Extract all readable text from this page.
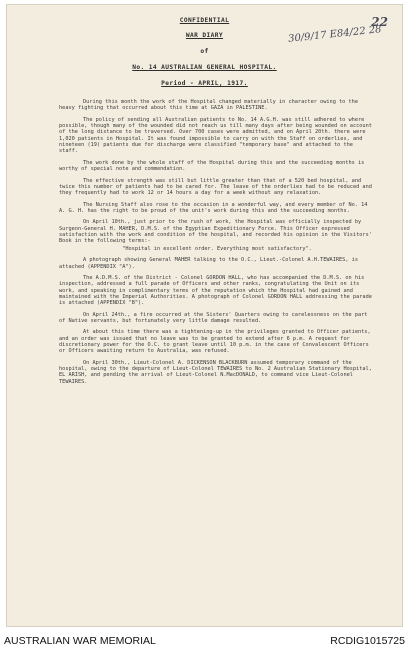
22
30/9/17 E84/22 28
CONFIDENTIAL
WAR DIARY
of
No. 14 AUSTRALIAN GENERAL HOSPITAL.
Period - APRIL, 1917.

During this month the work of the Hospital changed materially in character owing to the heavy fighting that occurred about this time at GAZA in PALESTINE.

The policy of sending all Australian patients to No. 14 A.G.H. was still adhered to where possible, though many of the wounded did not reach us till many days after being wounded on account of the long distance to be traversed. Over 700 cases were admitted, and on April 20th. there were 1,020 patients in Hospital. It was found impossible to carry on with the Staff on orderlies, and nineteen (19) patients due for discharge were classified "temporary base" and attached to the staff.

The work done by the whole staff of the Hospital during this and the succeeding months is worthy of special note and commendation.

The effective strength was still but little greater than that of a 520 bed hospital, and twice this number of patients had to be cared for. The leave of the orderlies had to be reduced and they frequently had to work 12 or 14 hours a day for a week without any relaxation.

The Nursing Staff also rose to the occasion in a wonderful way, and every member of No. 14 A. G. H. has the right to be proud of the unit's work during this and the succeeding months.

On April 10th., just prior to the rush of work, the Hospital was officially inspected by Surgeon-General H. MAHER, D.M.S. of the Egyptian Expeditionary Force. This Officer expressed satisfaction with the work and condition of the hospital, and recorded his opinion in the Visitors' Book in the following terms:-

"Hospital in excellent order. Everything most satisfactory".

A photograph showing General MAHER talking to the O.C., Lieut.-Colonel A.H.TEWAIRES, is attached (APPENDIX "A").

The A.D.M.S. of the District - Colonel GORDON HALL, who has accompanied the D.M.S. on his inspection, addressed a full parade of Officers and other ranks, congratulating the Unit on its work, and speaking in complimentary terms of the reputation which the Hospital had gained and maintained with the Imperial Authorities. A photograph of Colonel GORDON HALL addressing the parade is attached (APPENDIX "B").

On April 24th., a fire occurred at the Sisters' Quarters owing to carelessness on the part of Native servants, but fortunately very little damage resulted.

At about this time there was a tightening-up in the privileges granted to Officer patients, and an order was issued that no leave was to be granted to extend after 6 p.m. A request for discretionary power for the O.C. to grant leave until 10 p.m. in the case of Convalescent Officers or Officers awaiting return to Australia, was refused.

On April 30th., Lieut-Colonel A. DICKENSON BLACKBURN assumed temporary command of the hospital, owing to the departure of Lieut-Colonel TEWAIRES to No. 2 Australian Stationary Hospital, EL ARISH, and pending the arrival of Lieut-Colonel N.MacDONALD, to command vice Lieut-Colonel TEWAIRES.

AUSTRALIAN WAR MEMORIAL	RCDIG1015725
